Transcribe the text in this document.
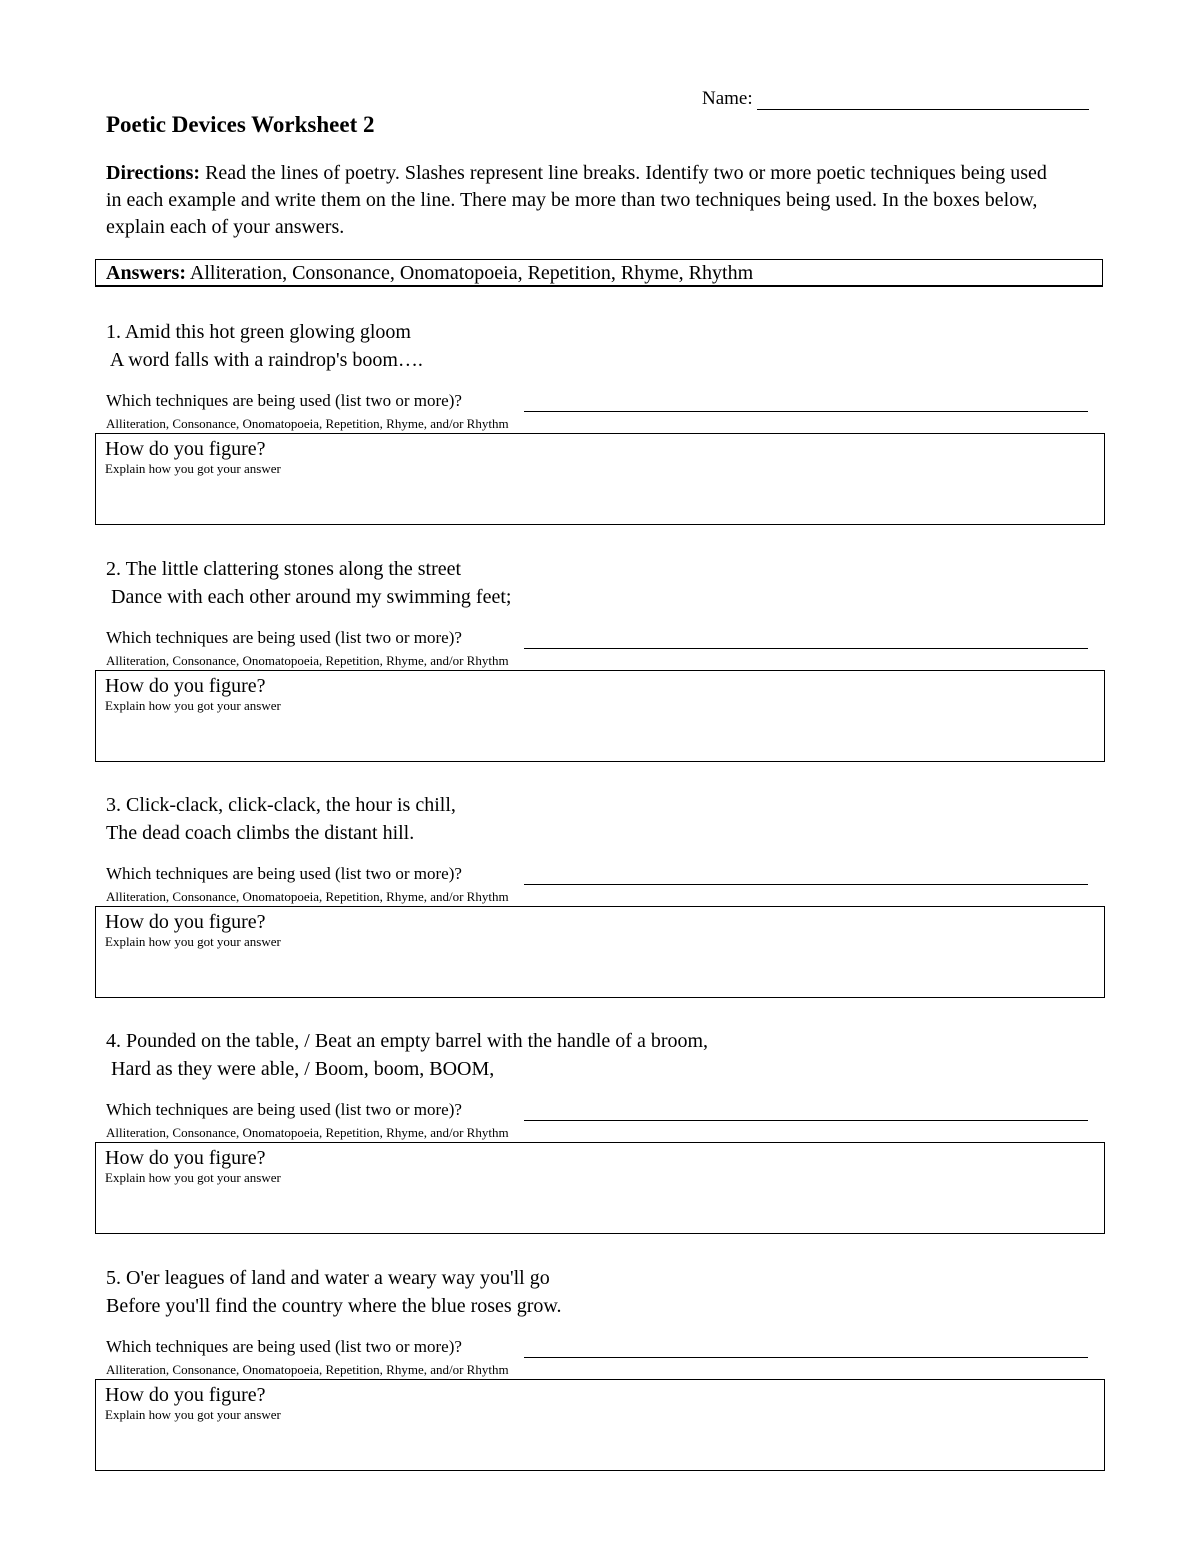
Name:
Poetic Devices Worksheet 2
Directions: Read the lines of poetry. Slashes represent line breaks. Identify two or more poetic techniques being used in each example and write them on the line. There may be more than two techniques being used. In the boxes below, explain each of your answers.
Answers: Alliteration, Consonance, Onomatopoeia, Repetition, Rhyme, Rhythm
1. Amid this hot green glowing gloom
A word falls with a raindrop's boom….
Which techniques are being used (list two or more)?
Alliteration, Consonance, Onomatopoeia, Repetition, Rhyme, and/or Rhythm
How do you figure?
Explain how you got your answer
2. The little clattering stones along the street
Dance with each other around my swimming feet;
Which techniques are being used (list two or more)?
Alliteration, Consonance, Onomatopoeia, Repetition, Rhyme, and/or Rhythm
How do you figure?
Explain how you got your answer
3. Click-clack, click-clack, the hour is chill,
The dead coach climbs the distant hill.
Which techniques are being used (list two or more)?
Alliteration, Consonance, Onomatopoeia, Repetition, Rhyme, and/or Rhythm
How do you figure?
Explain how you got your answer
4. Pounded on the table, / Beat an empty barrel with the handle of a broom,
Hard as they were able, / Boom, boom, BOOM,
Which techniques are being used (list two or more)?
Alliteration, Consonance, Onomatopoeia, Repetition, Rhyme, and/or Rhythm
How do you figure?
Explain how you got your answer
5. O'er leagues of land and water a weary way you'll go
Before you'll find the country where the blue roses grow.
Which techniques are being used (list two or more)?
Alliteration, Consonance, Onomatopoeia, Repetition, Rhyme, and/or Rhythm
How do you figure?
Explain how you got your answer
